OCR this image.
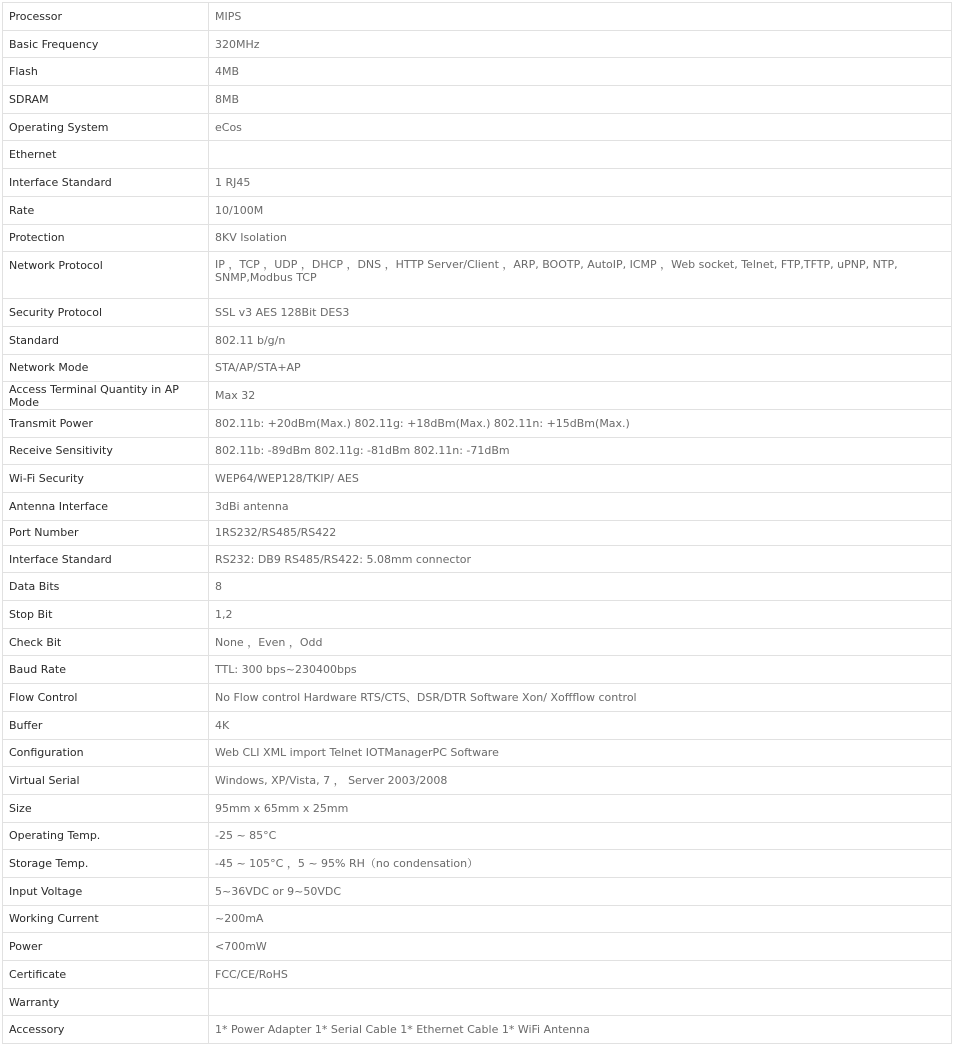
Processor	MIPS
Basic Frequency	320MHz
Flash	4MB
SDRAM	8MB
Operating System	eCos
Ethernet	
Interface Standard	1 RJ45
Rate	10/100M
Protection	8KV Isolation
Network Protocol	IP ，TCP ，UDP ，DHCP ，DNS ，HTTP Server/Client ，ARP, BOOTP, AutoIP, ICMP ，Web socket, Telnet, FTP,TFTP, uPNP, NTP, SNMP,Modbus TCP
Security Protocol	SSL v3 AES 128Bit DES3
Standard	802.11 b/g/n
Network Mode	STA/AP/STA+AP
Access Terminal Quantity in AP Mode	Max 32
Transmit Power	802.11b: +20dBm(Max.) 802.11g: +18dBm(Max.) 802.11n: +15dBm(Max.)
Receive Sensitivity	802.11b: -89dBm 802.11g: -81dBm 802.11n: -71dBm
Wi-Fi Security	WEP64/WEP128/TKIP/ AES
Antenna Interface	3dBi antenna
Port Number	1RS232/RS485/RS422
Interface Standard	RS232: DB9 RS485/RS422: 5.08mm connector
Data Bits	8
Stop Bit	1,2
Check Bit	None ，Even ，Odd
Baud Rate	TTL: 300 bps~230400bps
Flow Control	No Flow control Hardware RTS/CTS、DSR/DTR Software Xon/ Xoffflow control
Buffer	4K
Configuration	Web CLI XML import Telnet IOTManagerPC Software
Virtual Serial	Windows, XP/Vista, 7 ， Server 2003/2008
Size	95mm x 65mm x 25mm
Operating Temp.	-25 ~ 85°C
Storage Temp.	-45 ~ 105°C ，5 ~ 95% RH（no condensation）
Input Voltage	5~36VDC or 9~50VDC
Working Current	~200mA
Power	<700mW
Certificate	FCC/CE/RoHS
Warranty	
Accessory	1* Power Adapter 1* Serial Cable 1* Ethernet Cable 1* WiFi Antenna
